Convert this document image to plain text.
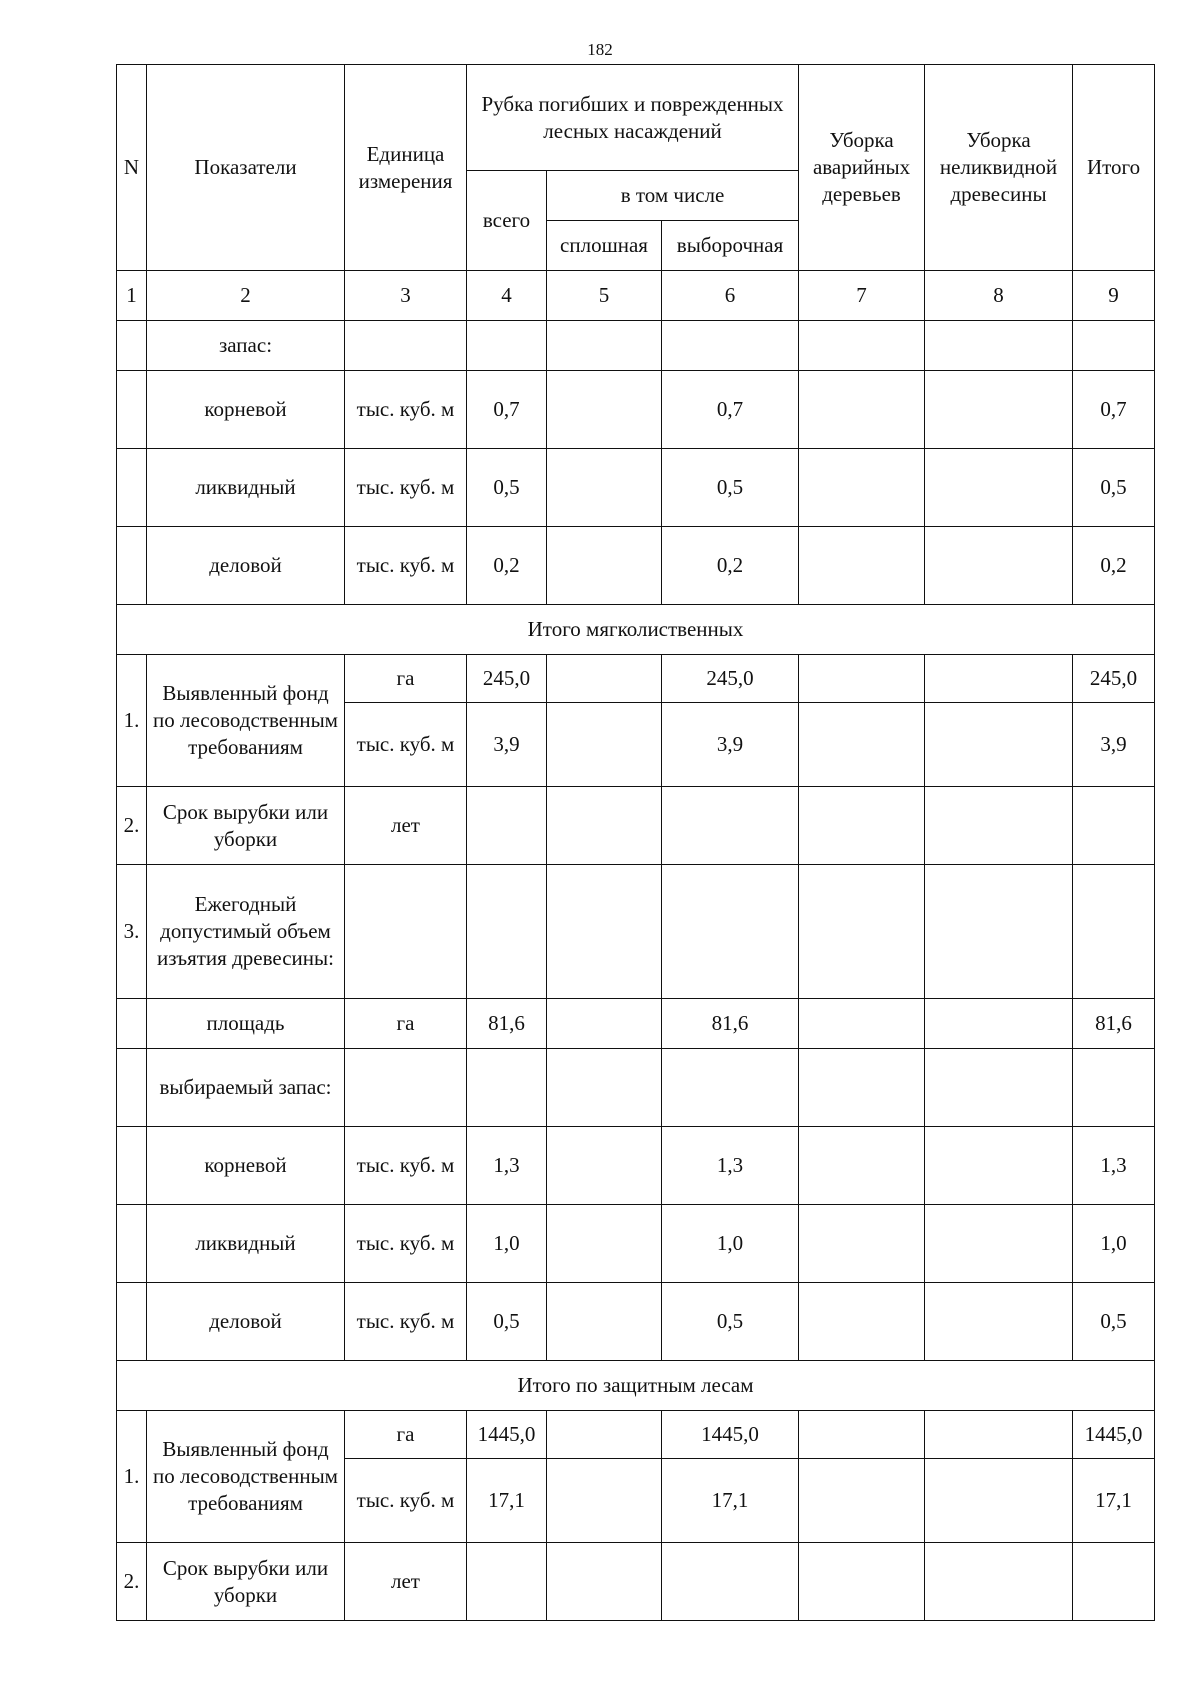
182
N	Показатели	Единица измерения	Рубка погибших и поврежденных лесных насаждений			Уборка аварийных деревьев	Уборка неликвидной древесины	Итого
			всего	в том числе				
				сплошная	выборочная			
1	2	3	4	5	6	7	8	9
	запас:							
	корневой	тыс. куб. м	0,7		0,7			0,7
	ликвидный	тыс. куб. м	0,5		0,5			0,5
	деловой	тыс. куб. м	0,2		0,2			0,2
Итого мягколиственных								
1.	Выявленный фонд по лесоводственным требованиям	га	245,0		245,0			245,0
		тыс. куб. м	3,9		3,9			3,9
2.	Срок вырубки или уборки	лет						
3.	Ежегодный допустимый объем изъятия древесины:							
	площадь	га	81,6		81,6			81,6
	выбираемый запас:							
	корневой	тыс. куб. м	1,3		1,3			1,3
	ликвидный	тыс. куб. м	1,0		1,0			1,0
	деловой	тыс. куб. м	0,5		0,5			0,5
Итого по защитным лесам								
1.	Выявленный фонд по лесоводственным требованиям	га	1445,0		1445,0			1445,0
		тыс. куб. м	17,1		17,1			17,1
2.	Срок вырубки или уборки	лет						
